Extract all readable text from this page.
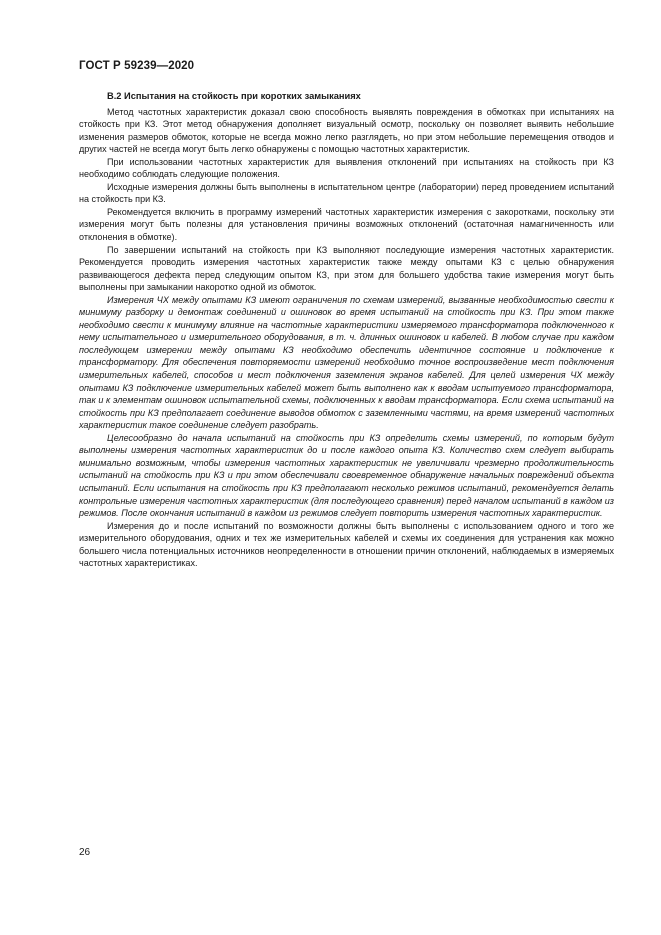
ГОСТ Р 59239—2020

В.2 Испытания на стойкость при коротких замыканиях

Метод частотных характеристик доказал свою способность выявлять повреждения в обмотках при испытаниях на стойкость при КЗ. Этот метод обнаружения дополняет визуальный осмотр, поскольку он позволяет выявить небольшие изменения размеров обмоток, которые не всегда можно легко разглядеть, но при этом небольшие перемещения отводов и других частей не всегда могут быть легко обнаружены с помощью частотных характеристик.

При использовании частотных характеристик для выявления отклонений при испытаниях на стойкость при КЗ необходимо соблюдать следующие положения.

Исходные измерения должны быть выполнены в испытательном центре (лаборатории) перед проведением испытаний на стойкость при КЗ.

Рекомендуется включить в программу измерений частотных характеристик измерения с закоротками, поскольку эти измерения могут быть полезны для установления причины возможных отклонений (остаточная намагниченность или отклонения в обмотке).

По завершении испытаний на стойкость при КЗ выполняют последующие измерения частотных характеристик. Рекомендуется проводить измерения частотных характеристик также между опытами КЗ с целью обнаружения развивающегося дефекта перед следующим опытом КЗ, при этом для большего удобства такие измерения могут быть выполнены при замыкании накоротко одной из обмоток.

Измерения ЧХ между опытами КЗ имеют ограничения по схемам измерений, вызванные необходимостью свести к минимуму разборку и демонтаж соединений и ошиновок во время испытаний на стойкость при КЗ. При этом также необходимо свести к минимуму влияние на частотные характеристики измеряемого трансформатора подключенного к нему испытательного и измерительного оборудования, в т. ч. длинных ошиновок и кабелей. В любом случае при каждом последующем измерении между опытами КЗ необходимо обеспечить идентичное состояние и подключение к трансформатору. Для обеспечения повторяемости измерений необходимо точное воспроизведение мест подключения измерительных кабелей, способов и мест подключения заземления экранов кабелей. Для целей измерения ЧХ между опытами КЗ подключение измерительных кабелей может быть выполнено как к вводам испытуемого трансформатора, так и к элементам ошиновок испытательной схемы, подключенных к вводам трансформатора. Если схема испытаний на стойкость при КЗ предполагает соединение выводов обмоток с заземленными частями, на время измерений частотных характеристик такое соединение следует разобрать.

Целесообразно до начала испытаний на стойкость при КЗ определить схемы измерений, по которым будут выполнены измерения частотных характеристик до и после каждого опыта КЗ. Количество схем следует выбирать минимально возможным, чтобы измерения частотных характеристик не увеличивали чрезмерно продолжительность испытаний на стойкость при КЗ и при этом обеспечивали своевременное обнаружение начальных повреждений объекта испытаний. Если испытания на стойкость при КЗ предполагают несколько режимов испытаний, рекомендуется делать контрольные измерения частотных характеристик (для последующего сравнения) перед началом испытаний в каждом из режимов. После окончания испытаний в каждом из режимов следует повторить измерения частотных характеристик.

Измерения до и после испытаний по возможности должны быть выполнены с использованием одного и того же измерительного оборудования, одних и тех же измерительных кабелей и схемы их соединения для устранения как можно большего числа потенциальных источников неопределенности в отношении причин отклонений, наблюдаемых в измеряемых частотных характеристиках.

26
